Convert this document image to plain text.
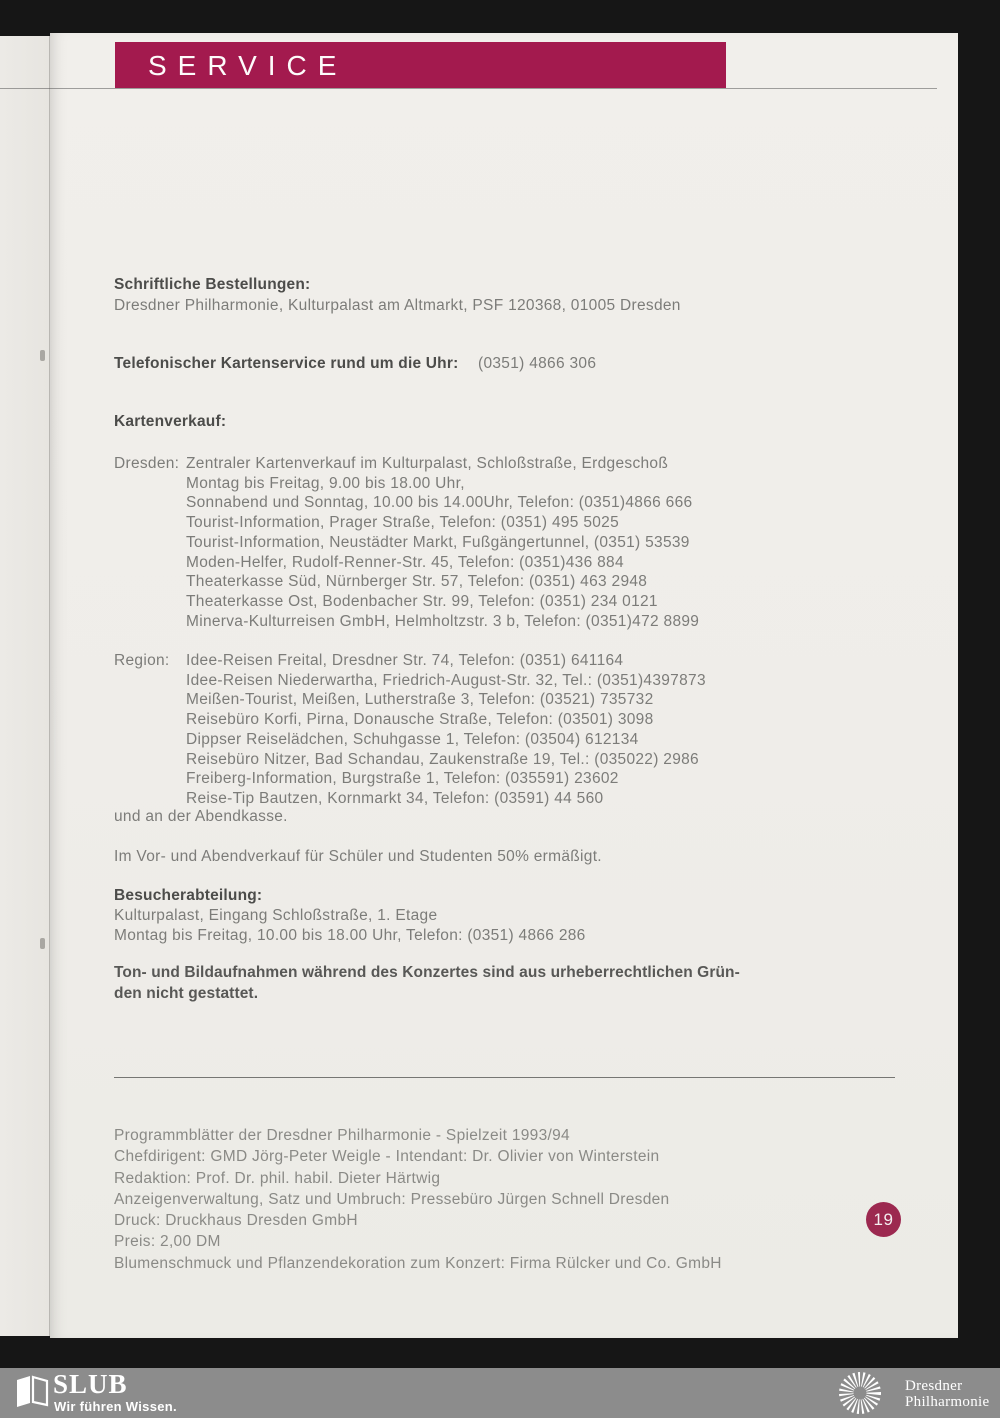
SERVICE
Schriftliche Bestellungen:
Dresdner Philharmonie, Kulturpalast am Altmarkt, PSF 120368, 01005 Dresden
Telefonischer Kartenservice rund um die Uhr: (0351) 4866 306
Kartenverkauf:
Dresden: Zentraler Kartenverkauf im Kulturpalast, Schloßstraße, Erdgeschoß
Montag bis Freitag, 9.00 bis 18.00 Uhr,
Sonnabend und Sonntag, 10.00 bis 14.00Uhr, Telefon: (0351)4866 666
Tourist-Information, Prager Straße, Telefon: (0351) 495 5025
Tourist-Information, Neustädter Markt, Fußgängertunnel, (0351) 53539
Moden-Helfer, Rudolf-Renner-Str. 45, Telefon: (0351)436 884
Theaterkasse Süd, Nürnberger Str. 57, Telefon: (0351) 463 2948
Theaterkasse Ost, Bodenbacher Str. 99, Telefon: (0351) 234 0121
Minerva-Kulturreisen GmbH, Helmholtzstr. 3 b, Telefon: (0351)472 8899
Region: Idee-Reisen Freital, Dresdner Str. 74, Telefon: (0351) 641164
Idee-Reisen Niederwartha, Friedrich-August-Str. 32, Tel.: (0351)4397873
Meißen-Tourist, Meißen, Lutherstraße 3, Telefon: (03521) 735732
Reisebüro Korfi, Pirna, Donausche Straße, Telefon: (03501) 3098
Dippser Reiselädchen, Schuhgasse 1, Telefon: (03504) 612134
Reisebüro Nitzer, Bad Schandau, Zaukenstraße 19, Tel.: (035022) 2986
Freiberg-Information, Burgstraße 1, Telefon: (035591) 23602
Reise-Tip Bautzen, Kornmarkt 34, Telefon: (03591) 44 560
und an der Abendkasse.
Im Vor- und Abendverkauf für Schüler und Studenten 50% ermäßigt.
Besucherabteilung:
Kulturpalast, Eingang Schloßstraße, 1. Etage
Montag bis Freitag, 10.00 bis 18.00 Uhr, Telefon: (0351) 4866 286
Ton- und Bildaufnahmen während des Konzertes sind aus urheberrechtlichen Grün-
den nicht gestattet.
Programmblätter der Dresdner Philharmonie - Spielzeit 1993/94
Chefdirigent: GMD Jörg-Peter Weigle - Intendant: Dr. Olivier von Winterstein
Redaktion: Prof. Dr. phil. habil. Dieter Härtwig
Anzeigenverwaltung, Satz und Umbruch: Pressebüro Jürgen Schnell Dresden
Druck: Druckhaus Dresden GmbH
Preis: 2,00 DM
Blumenschmuck und Pflanzendekoration zum Konzert: Firma Rülcker und Co. GmbH
19
SLUB
Wir führen Wissen.
Dresdner
Philharmonie
